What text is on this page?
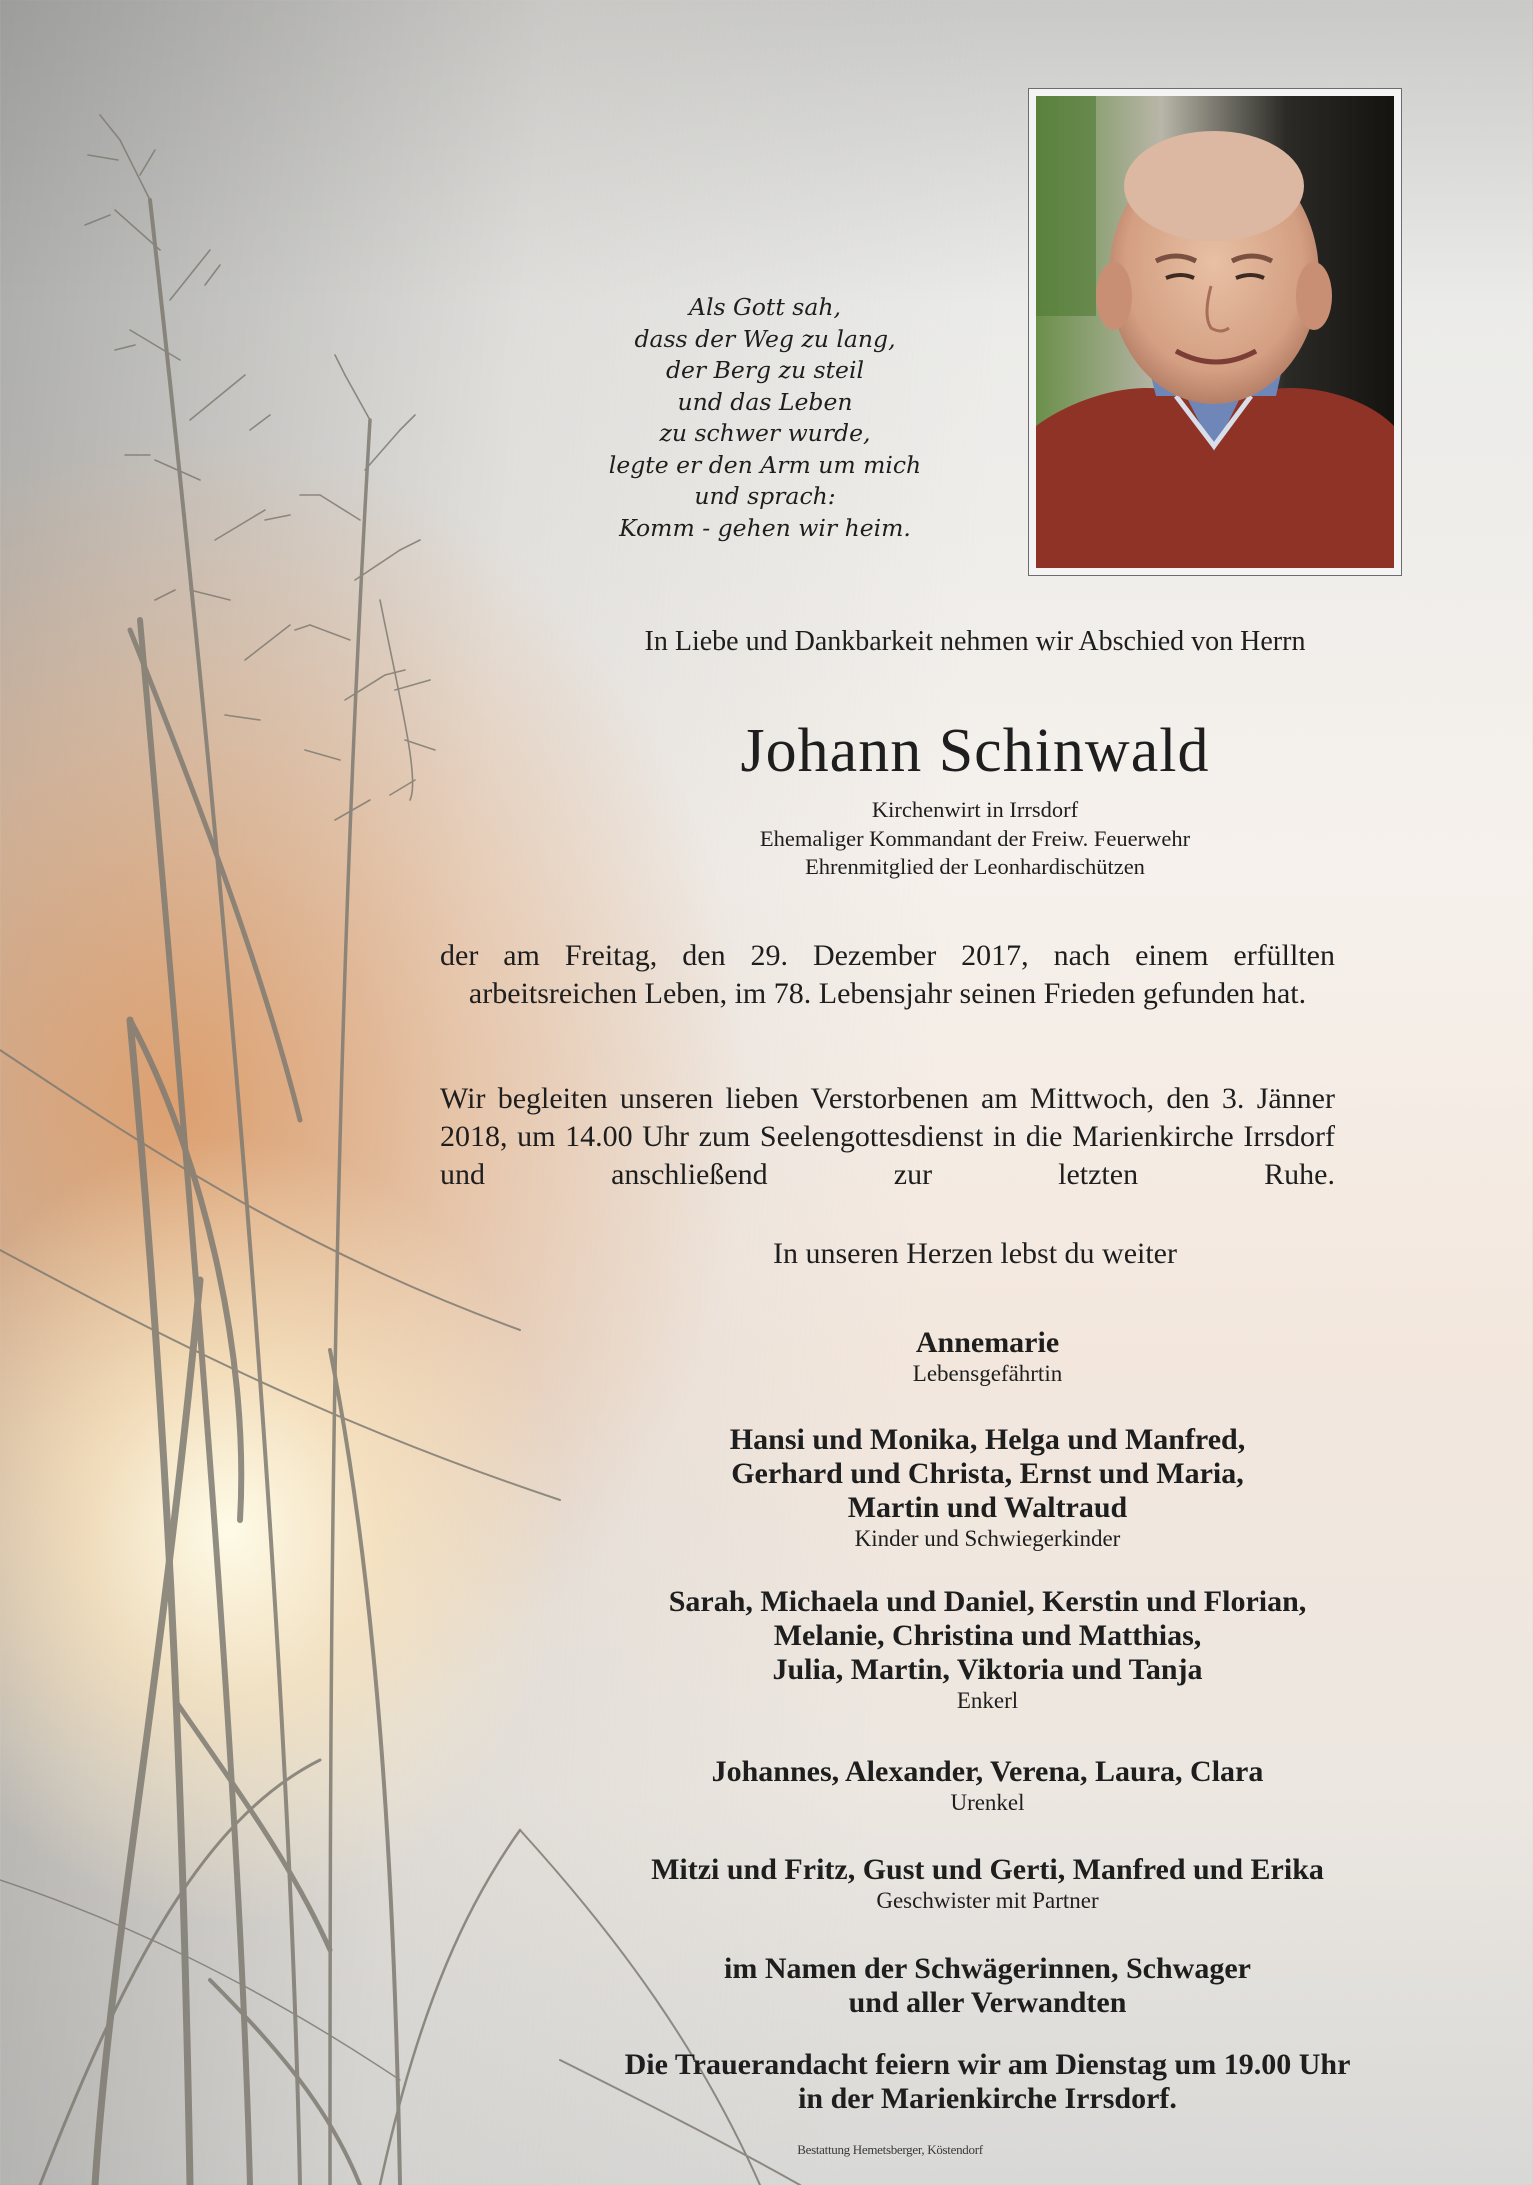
Als Gott sah,
dass der Weg zu lang,
der Berg zu steil
und das Leben
zu schwer wurde,
legte er den Arm um mich
und sprach:
Komm - gehen wir heim.
In Liebe und Dankbarkeit nehmen wir Abschied von Herrn
Johann Schinwald
Kirchenwirt in Irrsdorf
Ehemaliger Kommandant der Freiw. Feuerwehr
Ehrenmitglied der Leonhardischützen
der am Freitag, den 29. Dezember 2017, nach einem erfüllten arbeitsreichen Leben, im 78. Lebensjahr seinen Frieden gefunden hat.
Wir begleiten unseren lieben Verstorbenen am Mittwoch, den 3. Jänner 2018, um 14.00 Uhr zum Seelengottesdienst in die Marienkirche Irrsdorf und anschließend zur letzten Ruhe.
In unseren Herzen lebst du weiter
Annemarie
Lebensgefährtin
Hansi und Monika, Helga und Manfred,
Gerhard und Christa, Ernst und Maria,
Martin und Waltraud
Kinder und Schwiegerkinder
Sarah, Michaela und Daniel, Kerstin und Florian,
Melanie, Christina und Matthias,
Julia, Martin, Viktoria und Tanja
Enkerl
Johannes, Alexander, Verena, Laura, Clara
Urenkel
Mitzi und Fritz, Gust und Gerti, Manfred und Erika
Geschwister mit Partner
im Namen der Schwägerinnen, Schwager
und aller Verwandten
Die Trauerandacht feiern wir am Dienstag um 19.00 Uhr
in der Marienkirche Irrsdorf.
Bestattung Hemetsberger, Köstendorf
